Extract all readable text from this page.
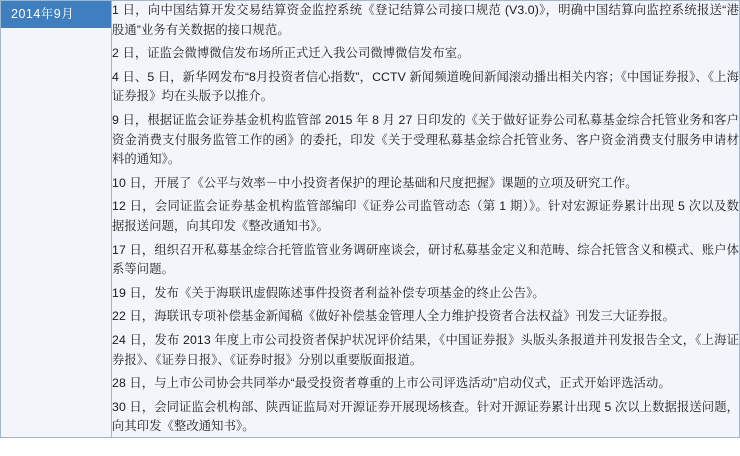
2014年9月	1 日，向中国结算开发交易结算资金监控系统《登记结算公司接口规范 (V3.0)》，明确中国结算向监控系统报送“港股通”业务有关数据的接口规范。

2 日，证监会微博微信发布场所正式迁入我公司微博微信发布室。

4 日、5 日，新华网发布“8月投资者信心指数”，CCTV 新闻频道晚间新闻滚动播出相关内容；《中国证券报》、《上海证券报》均在头版予以推介。

9 日，根据证监会证券基金机构监管部 2015 年 8 月 27 日印发的《关于做好证券公司私募基金综合托管业务和客户资金消费支付服务监管工作的函》的委托，印发《关于受理私募基金综合托管业务、客户资金消费支付服务申请材料的通知》。

10 日，开展了《公平与效率－中小投资者保护的理论基础和尺度把握》课题的立项及研究工作。

12 日，会同证监会证券基金机构监管部编印《证券公司监管动态（第 1 期）》。针对宏源证券累计出现 5 次以及数据报送问题，向其印发《整改通知书》。

17 日，组织召开私募基金综合托管监管业务调研座谈会，研讨私募基金定义和范畴、综合托管含义和模式、账户体系等问题。

19 日，发布《关于海联讯虚假陈述事件投资者利益补偿专项基金的终止公告》。

22 日，海联讯专项补偿基金新闻稿《做好补偿基金管理人全力维护投资者合法权益》刊发三大证券报。

24 日，发布 2013 年度上市公司投资者保护状况评价结果，《中国证券报》头版头条报道并刊发报告全文，《上海证券报》、《证券日报》、《证券时报》分别以重要版面报道。

28 日，与上市公司协会共同举办“最受投资者尊重的上市公司评选活动”启动仪式，正式开始评选活动。

30 日，会同证监会机构部、陕西证监局对开源证券开展现场核查。针对开源证券累计出现 5 次以上数据报送问题，向其印发《整改通知书》。
